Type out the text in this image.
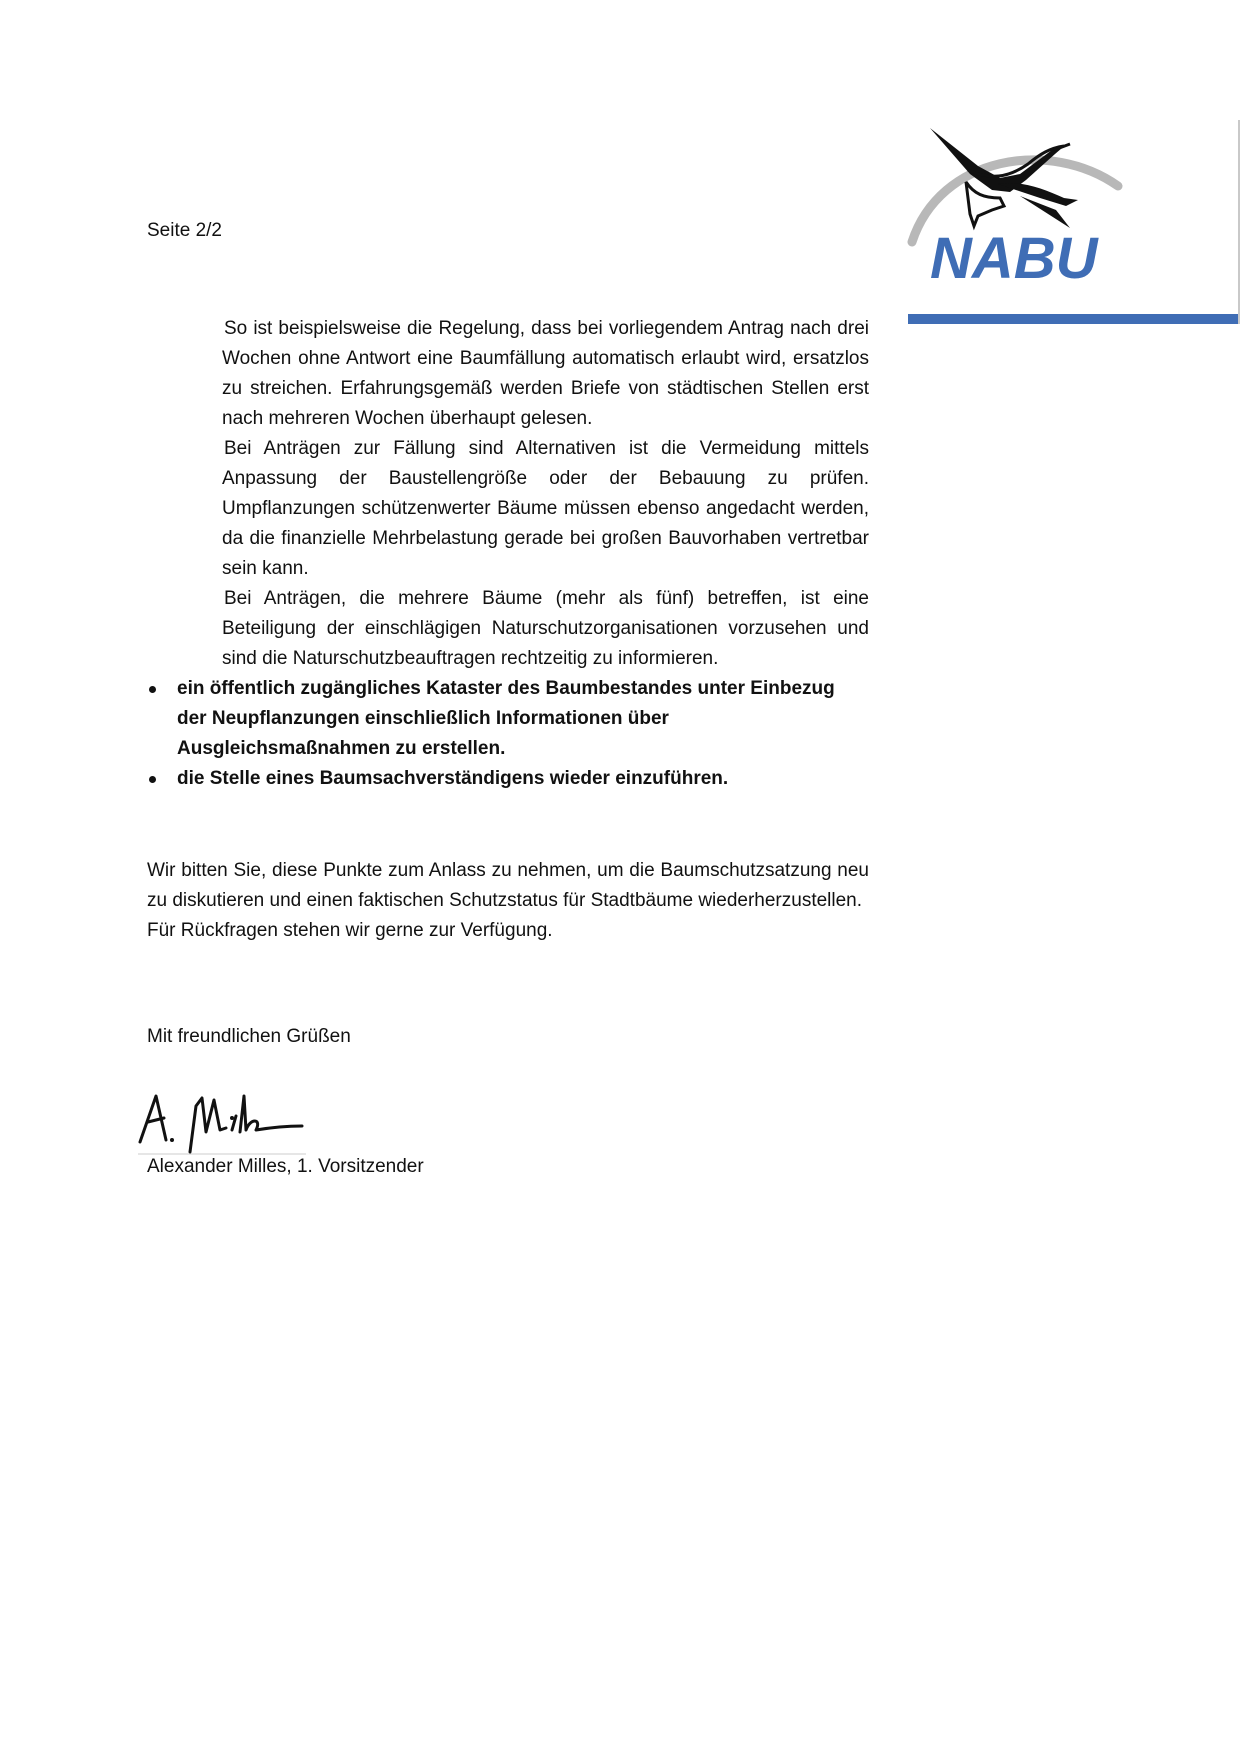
Seite 2/2	NABU

So ist beispielsweise die Regelung, dass bei vorliegendem Antrag nach drei Wochen ohne Antwort eine Baumfällung automatisch erlaubt wird, ersatzlos zu streichen. Erfahrungsgemäß werden Briefe von städtischen Stellen erst nach mehreren Wochen überhaupt gelesen.

Bei Anträgen zur Fällung sind Alternativen ist die Vermeidung mittels Anpassung der Baustellengröße oder der Bebauung zu prüfen. Umpflanzungen schützenwerter Bäume müssen ebenso angedacht werden, da die finanzielle Mehrbelastung gerade bei großen Bauvorhaben vertretbar sein kann.

Bei Anträgen, die mehrere Bäume (mehr als fünf) betreffen, ist eine Beteiligung der einschlägigen Naturschutzorganisationen vorzusehen und sind die Naturschutzbeauftragen rechtzeitig zu informieren.

ein öffentlich zugängliches Kataster des Baumbestandes unter Einbezug der Neupflanzungen einschließlich Informationen über Ausgleichsmaßnahmen zu erstellen.
die Stelle eines Baumsachverständigens wieder einzuführen.

Wir bitten Sie, diese Punkte zum Anlass zu nehmen, um die Baumschutzsatzung neu zu diskutieren und einen faktischen Schutzstatus für Stadtbäume wiederherzustellen.
Für Rückfragen stehen wir gerne zur Verfügung.

Mit freundlichen Grüßen
Alexander Milles, 1. Vorsitzender
